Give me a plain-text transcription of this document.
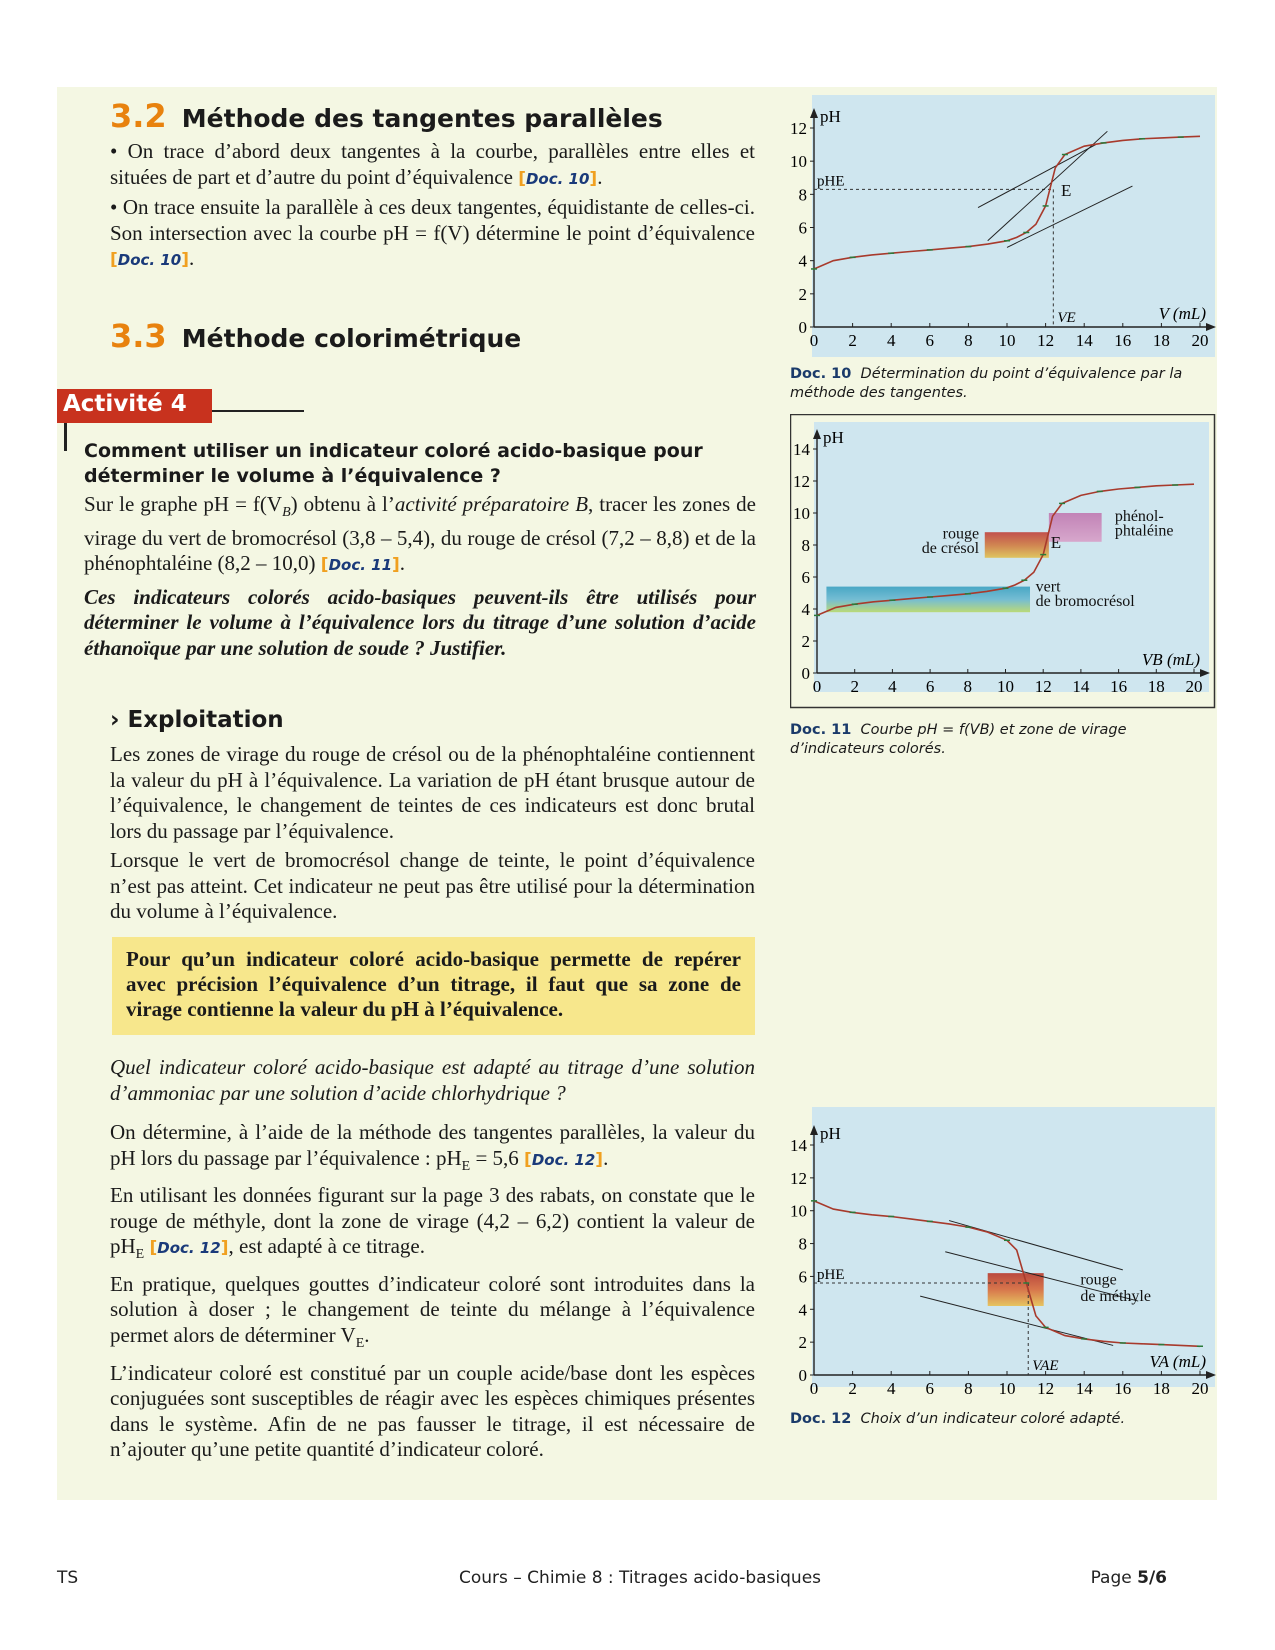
3.2 Méthode des tangentes parallèles

• On trace d’abord deux tangentes à la courbe, parallèles entre elles et situées de part et d’autre du point d’équivalence [Doc. 10].

• On trace ensuite la parallèle à ces deux tangentes, équidistante de celles-ci. Son intersection avec la courbe pH = f(V) détermine le point d’équivalence [Doc. 10].

3.3 Méthode colorimétrique
Activité 4
Comment utiliser un indicateur coloré acido-basique pour déterminer le volume à l’équivalence ?

Sur le graphe pH = $f(V_B)$ obtenu à l’activité préparatoire B, tracer les zones de virage du vert de bromocrésol (3,8 – 5,4), du rouge de crésol (7,2 – 8,8) et de la phénophtaléine (8,2 – 10,0) [Doc. 11].

Ces indicateurs colorés acido-basiques peuvent-ils être utilisés pour déterminer le volume à l’équivalence lors du titrage d’une solution d’acide éthanoïque par une solution de soude ? Justifier.

› Exploitation

Les zones de virage du rouge de crésol ou de la phénophtaléine contiennent la valeur du pH à l’équivalence. La variation de pH étant brusque autour de l’équivalence, le changement de teintes de ces indicateurs est donc brutal lors du passage par l’équivalence.

Lorsque le vert de bromocrésol change de teinte, le point d’équivalence n’est pas atteint. Cet indicateur ne peut pas être utilisé pour la détermination du volume à l’équivalence.

Pour qu’un indicateur coloré acido-basique permette de repérer avec précision l’équivalence d’un titrage, il faut que sa zone de virage contienne la valeur du pH à l’équivalence.

Quel indicateur coloré acido-basique est adapté au titrage d’une solution d’ammoniac par une solution d’acide chlorhydrique ?

On détermine, à l’aide de la méthode des tangentes parallèles, la valeur du pH lors du passage par l’équivalence : $pH_E = 5,6$ [Doc. 12].

En utilisant les données figurant sur la page 3 des rabats, on constate que le rouge de méthyle, dont la zone de virage (4,2 – 6,2) contient la valeur de $pH_E$ [Doc. 12], est adapté à ce titrage.

En pratique, quelques gouttes d’indicateur coloré sont introduites dans la solution à doser ; le changement de teinte du mélange à l’équivalence permet alors de déterminer $V_E$.

L’indicateur coloré est constitué par un couple acide/base dont les espèces conjuguées sont susceptibles de réagir avec les espèces chimiques présentes dans le système. Afin de ne pas fausser le titrage, il est nécessaire de n’ajouter qu’une petite quantité d’indicateur coloré.

0 2 4 6 8 10 12 14 16 18 20
0
2
4
6
8
10
12
pH
V (mL)
pHE
VE
E
Doc. 10 Détermination du point d’équivalence par la méthode des tangentes.
0 2 4 6 8 10 12 14 16 18 20
0
2
4
6
8
10
12
14
pH
VB (mL)
rouge
de crésol
phénol-
phtaléine
vert
de bromocrésol
E
Doc. 11 Courbe pH = f(VB) et zone de virage d’indicateurs colorés.
0 2 4 6 8 10 12 14 16 18 20
0
2
4
6
8
10
12
14
pH
VA (mL)
pHE
VAE
rouge
de méthyle
Doc. 12 Choix d’un indicateur coloré adapté.
TS	Cours – Chimie 8 : Titrages acido-basiques	Page 5/6
